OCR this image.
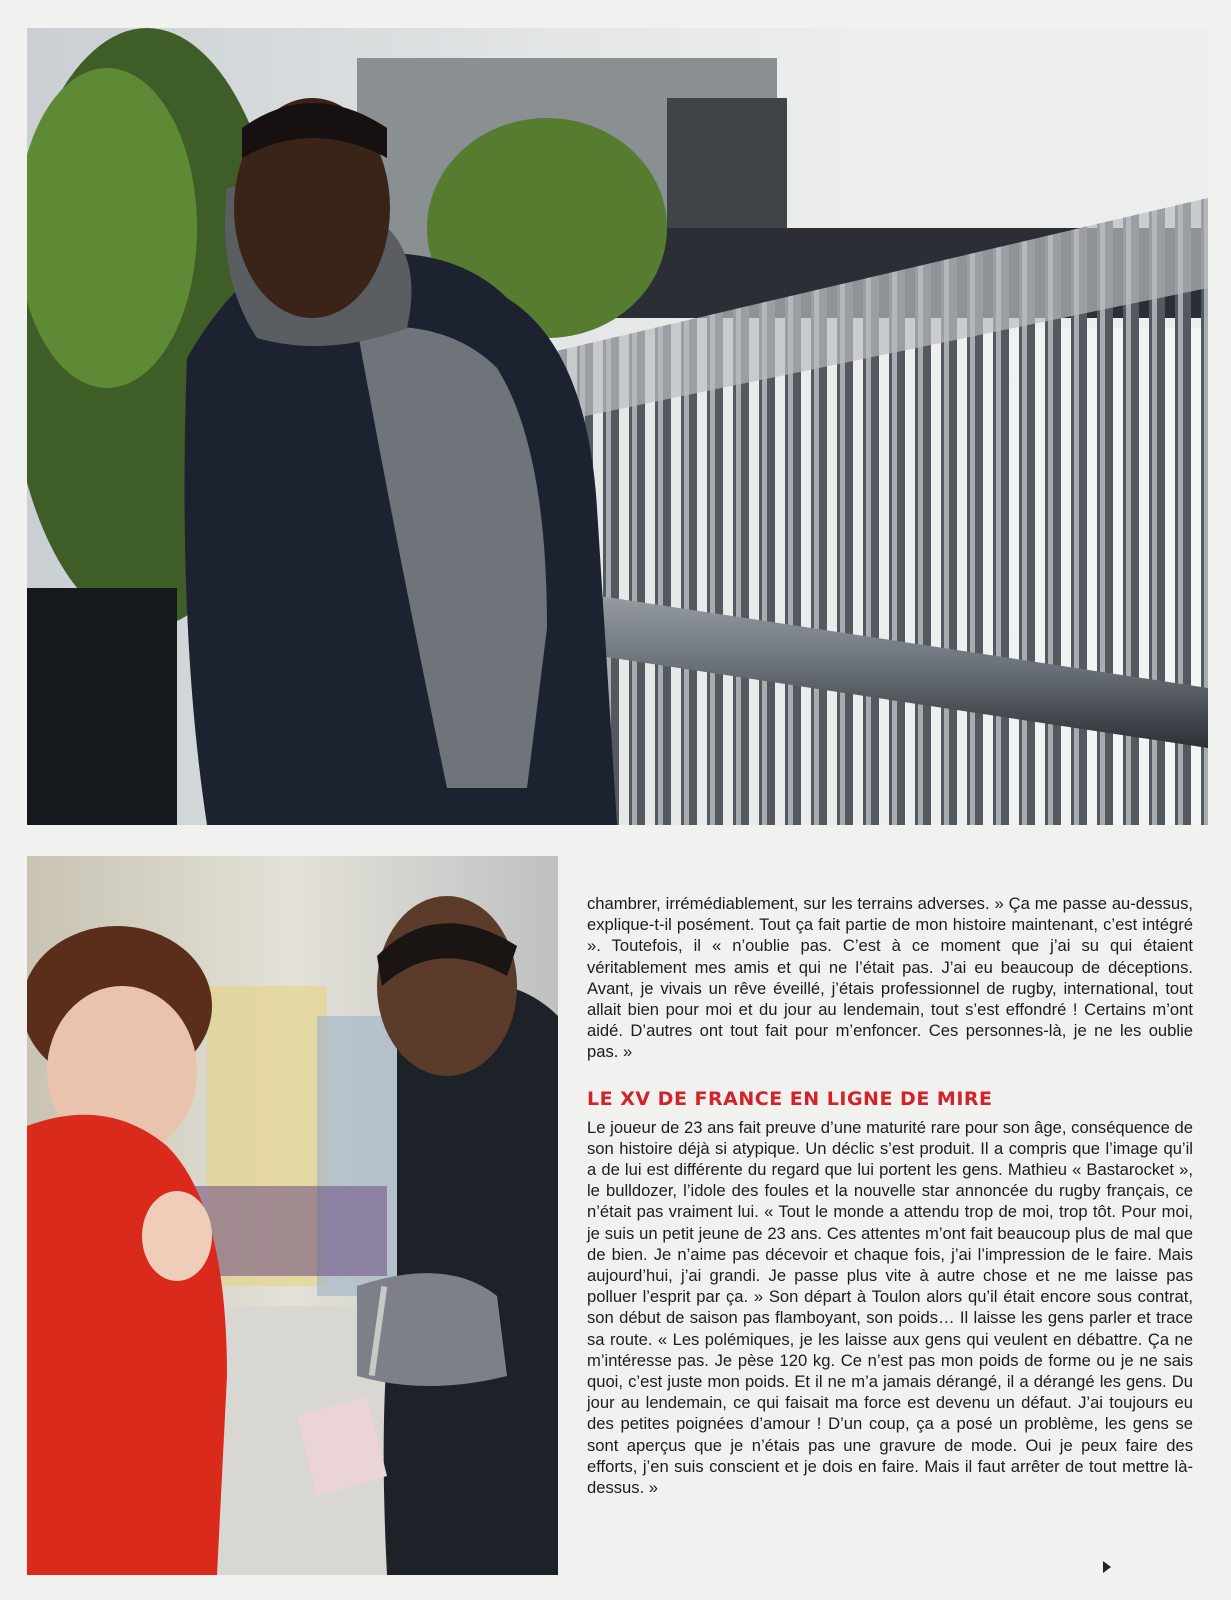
chambrer, irrémédiablement, sur les terrains adverses. » Ça me passe au-dessus, explique-t-il posément. Tout ça fait partie de mon histoire maintenant, c’est intégré ». Toutefois, il « n’oublie pas. C’est à ce moment que j’ai su qui étaient véritablement mes amis et qui ne l’était pas. J’ai eu beaucoup de déceptions. Avant, je vivais un rêve éveillé, j’étais professionnel de rugby, international, tout allait bien pour moi et du jour au lendemain, tout s’est effondré ! Certains m’ont aidé. D’autres ont tout fait pour m’enfoncer. Ces personnes-là, je ne les oublie pas. »

LE XV DE FRANCE EN LIGNE DE MIRE

Le joueur de 23 ans fait preuve d’une maturité rare pour son âge, conséquence de son histoire déjà si atypique. Un déclic s’est produit. Il a compris que l’image qu’il a de lui est différente du regard que lui portent les gens. Mathieu « Bastarocket », le bulldozer, l’idole des foules et la nouvelle star annoncée du rugby français, ce n’était pas vraiment lui. « Tout le monde a attendu trop de moi, trop tôt. Pour moi, je suis un petit jeune de 23 ans. Ces attentes m’ont fait beaucoup plus de mal que de bien. Je n’aime pas décevoir et chaque fois, j’ai l’impression de le faire. Mais aujourd’hui, j’ai grandi. Je passe plus vite à autre chose et ne me laisse pas polluer l’esprit par ça. » Son départ à Toulon alors qu’il était encore sous contrat, son début de saison pas flamboyant, son poids… Il laisse les gens parler et trace sa route. « Les polémiques, je les laisse aux gens qui veulent en débattre. Ça ne m’intéresse pas. Je pèse 120 kg. Ce n’est pas mon poids de forme ou je ne sais quoi, c’est juste mon poids. Et il ne m’a jamais dérangé, il a dérangé les gens. Du jour au lendemain, ce qui faisait ma force est devenu un défaut. J’ai toujours eu des petites poignées d’amour ! D’un coup, ça a posé un problème, les gens se sont aperçus que je n’étais pas une gravure de mode. Oui je peux faire des efforts, j’en suis conscient et je dois en faire. Mais il faut arrêter de tout mettre là-dessus. »
